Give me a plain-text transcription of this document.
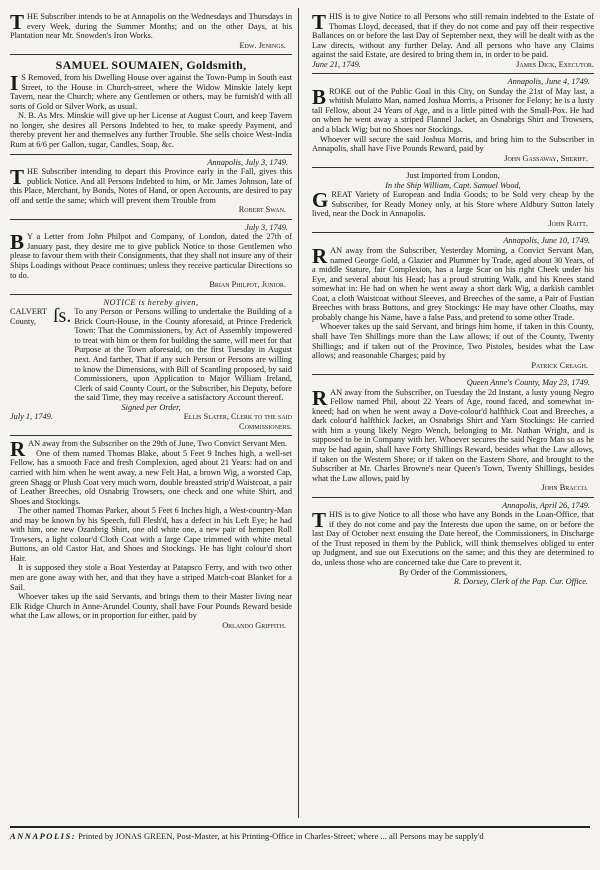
THE Subscriber intends to be at Annapolis on the Wednesdays and Thursdays in every Week, during the Summer Months; and on the other Days, at his Plantation near Mr. Snowden's Iron Works.

Edw. Jenings.

SAMUEL SOUMAIEN, Goldsmith,

I S Removed, from his Dwelling House over against the Town-Pump in South east Street, to the House in Church-street, where the Widow Minskie lately kept Tavern, near the Church; where any Gentlemen or others, may be furnish'd with all sorts of Gold or Silver Work, as usual.

N. B. As Mrs. Minskie will give up her License at August Court, and keep Tavern no longer, she desires all Persons Indebted to her, to make speedy Payment, and thereby prevent her and themselves any further Trouble. She sells choice West-India Rum at 6/6 per Gallon, sugar, Candles, Soap, &c.

Annapolis, July 3, 1749.

THE Subscriber intending to depart this Province early in the Fall, gives this publick Notice. And all Persons Indebted to him, or Mr. James Johnson, late of this Place, Merchant, by Bonds, Notes of Hand, or open Accounts, are desired to pay off and settle the same; which will prevent them Trouble from

Robert Swan.

July 3, 1749.

B Y a Letter from John Philpot and Company, of London, dated the 27th of January past, they desire me to give publick Notice to those Gentlemen who please to favour them with their Consignments, that they shall not insure any of their Ships Loadings without Peace continues; unless they receive particular Directions so to do.

Brian Philpot, Junior.

NOTICE is hereby given,

CALVERT County, ſs. To any Person or Persons willing to undertake the Building of a Brick Court-House, in the County aforesaid, at Prince Frederick Town: That the Commissioners, by Act of Assembly impowered to treat with him or them for building the same, will meet for that Purpose at the Town aforesaid, on the first Tuesday in August next. And farther, That if any such Person or Persons are willing to know the Dimensions, with Bill of Scantling proposed, by said Commissioners, upon Application to Major William Ireland, Clerk of said County Court, or the Subscriber, his Deputy, before the said Time, they may receive a satisfactory Account thereof.

Signed per Order,

July 1, 1749.	Ellis Slater, Clerk to the said Commissioners.

RAN away from the Subscriber on the 29th of June, Two Convict Servant Men.

One of them named Thomas Blake, about 5 Feet 9 Inches high, a well-set Fellow, has a smooth Face and fresh Complexion, aged about 21 Years: had on and carried with him when he went away, a new Felt Hat, a brown Wig, a worsted Cap, green Shagg or Plush Coat very much worn, double breasted strip'd Waistcoat, a pair of Leather Breeches, old Osnabrig Trowsers, one check and one white Shirt, and Shoes and Stockings.

The other named Thomas Parker, about 5 Feet 6 Inches high, a West-country-Man and may be known by his Speech, full Flesh'd, has a defect in his Left Eye; he had with him, one new Ozanbrig Shirt, one old white one, a new pair of hempen Roll Trowsers, a light colour'd Cloth Coat with a large Cape trimmed with white metal Buttons, an old Castor Hat, and Shoes and Stockings. He has light colour'd short Hair.

It is supposed they stole a Boat Yesterday at Patapsco Ferry, and with two other men are gone away with her, and that they have a striped Match-coat Blanket for a Sail.

Whoever takes up the said Servants, and brings them to their Master living near Elk Ridge Church in Anne-Arundel County, shall have Four Pounds Reward beside what the Law allows, or in proportion for either, paid by

Orlando Griffith.

THIS is to give Notice to all Persons who still remain indebted to the Estate of Thomas Lloyd, deceased, that if they do not come and pay off their respective Ballances on or before the last Day of September next, they will be dealt with as the Law directs, without any further Delay. And all persons who have any Claims against the said Estate, are desired to bring them in, in order to be paid.

June 21, 1749.	James Dick, Executor.

Annapolis, June 4, 1749.

BROKE out of the Public Goal in this City, on Sunday the 21st of May last, a whitish Mulatto Man, named Joshua Morris, a Prisoner for Felony; he is a lusty tall Fellow, about 24 Years of Age, and is a little pitted with the Small-Pox. He had on when he went away a striped Flannel Jacket, an Osnabrigs Shirt and Trowsers, and a black Wig; but no Shoes nor Stockings.

Whoever will secure the said Joshua Morris, and bring him to the Subscriber in Annapolis, shall have Five Pounds Reward, paid by

John Gassaway, Sheriff.

Just Imported from London,

In the Ship William, Capt. Samuel Wood,

GREAT Variety of European and India Goods; to be Sold very cheap by the Subscriber, for Ready Money only, at his Store where Aldbury Sutton lately lived, near the Dock in Annapolis.

John Raitt.

Annapolis, June 10, 1749.

RAN away from the Subscriber, Yesterday Morning, a Convict Servant Man, named George Gold, a Glazier and Plummer by Trade, aged about 30 Years, of a middle Stature, fair Complexion, has a large Scar on his right Cheek under his Eye, and several about his Head; has a proud strutting Walk, and his Knees stand somewhat in: He had on when he went away a short dark Wig, a darkish camblet Coat, a cloth Waistcoat without Sleeves, and Breeches of the same, a Pair of Fustian Breeches with brass Buttons, and grey Stockings: He may have other Cloaths, may probably change his Name, have a false Pass, and pretend to some other Trade.

Whoever takes up the said Servant, and brings him home, if taken in this County, shall have Ten Shillings more than the Law allows; if out of the County, Twenty Shillings; and if taken out of the Province, Two Pistoles, besides what the Law allows; and reasonable Charges; paid by

Patrick Creagh.

Queen Anne's County, May 23, 1749.

RAN away from the Subscriber, on Tuesday the 2d Instant, a lusty young Negro Fellow named Phil, about 22 Years of Age, round faced, and somewhat in-kneed; had on when he went away a Dove-colour'd halfthick Coat and Breeches, a dark colour'd halfthick Jacket, an Osnabrigs Shirt and Yarn Stockings: He carried with him a young likely Negro Wench, belonging to Mr. Nathan Wright, and is supposed to be in Company with her. Whoever secures the said Negro Man so as he may be had again, shall have Forty Shillings Reward, besides what the Law allows, if taken on the Western Shore; or if taken on the Eastern Shore, and brought to the Subscriber at Mr. Charles Browne's near Queen's Town, Twenty Shillings, besides what the Law allows, paid by

John Bracco.

Annapolis, April 26, 1749.

THIS is to give Notice to all those who have any Bonds in the Loan-Office, that if they do not come and pay the Interests due upon the same, on or before the last Day of October next ensuing the Date hereof, the Commissioners, in Discharge of the Trust reposed in them by the Publick, will think themselves obliged to enter up Judgment, and sue out Executions on the same; and this they are determined to do, unless those who are concerned take due Care to prevent it.

By Order of the Commissioners,

R. Dorsey, Clerk of the Pap. Cur. Office.

ANNAPOLIS: Printed by JONAS GREEN, Post-Master, at his Printing-Office in Charles-Street; where ... all Persons may be supply'd
